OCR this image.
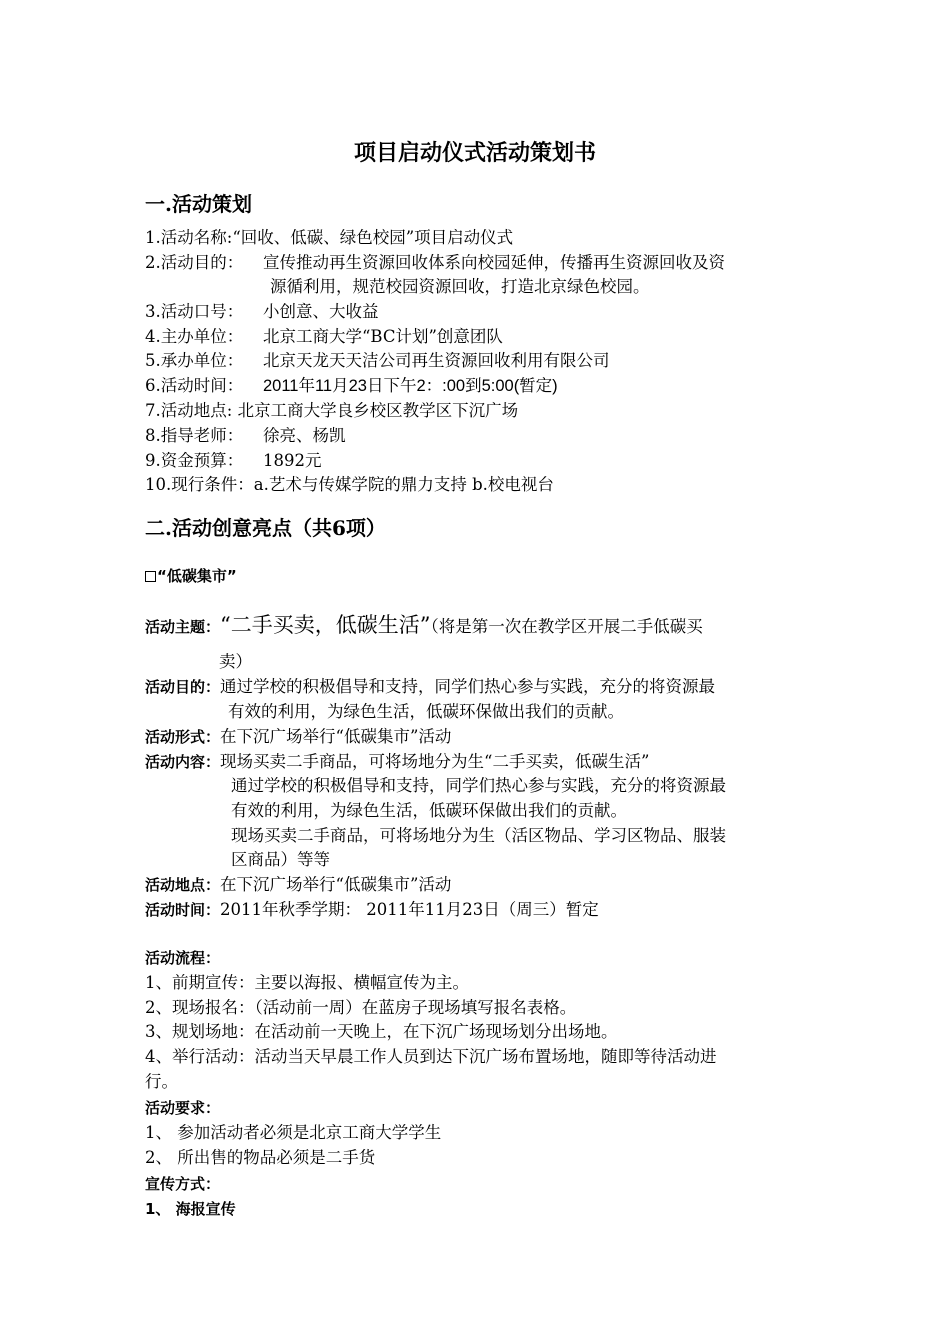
项目启动仪式活动策划书
一.活动策划
1.活动名称:“回收、低碳、绿色校园”项目启动仪式
2.活动目的： 宣传推动再生资源回收体系向校园延伸，传播再生资源回收及资
源循利用，规范校园资源回收，打造北京绿色校园。
3.活动口号： 小创意、大收益
4.主办单位： 北京工商大学“BC计划”创意团队
5.承办单位： 北京天龙天天洁公司再生资源回收利用有限公司
6.活动时间： 2011年11月23日下午2：:00到5:00(暂定)
7.活动地点: 北京工商大学良乡校区教学区下沉广场
8.指导老师： 徐亮、杨凯
9.资金预算： 1892元
10.现行条件：a.艺术与传媒学院的鼎力支持 b.校电视台
二.活动创意亮点（共6项）
“低碳集市”
活动主题：“二手买卖，低碳生活”（将是第一次在教学区开展二手低碳买
卖）
活动目的：通过学校的积极倡导和支持，同学们热心参与实践，充分的将资源最
有效的利用，为绿色生活，低碳环保做出我们的贡献。
活动形式：在下沉广场举行“低碳集市”活动
活动内容：现场买卖二手商品，可将场地分为生“二手买卖，低碳生活”
通过学校的积极倡导和支持，同学们热心参与实践，充分的将资源最
有效的利用，为绿色生活，低碳环保做出我们的贡献。
现场买卖二手商品，可将场地分为生（活区物品、学习区物品、服装
区商品）等等
活动地点：在下沉广场举行“低碳集市”活动
活动时间：2011年秋季学期： 2011年11月23日（周三）暂定
活动流程：
1、前期宣传：主要以海报、横幅宣传为主。
2、现场报名：（活动前一周）在蓝房子现场填写报名表格。
3、规划场地：在活动前一天晚上，在下沉广场现场划分出场地。
4、举行活动：活动当天早晨工作人员到达下沉广场布置场地，随即等待活动进
行。
活动要求：
1、 参加活动者必须是北京工商大学学生
2、 所出售的物品必须是二手货
宣传方式：
1、 海报宣传
